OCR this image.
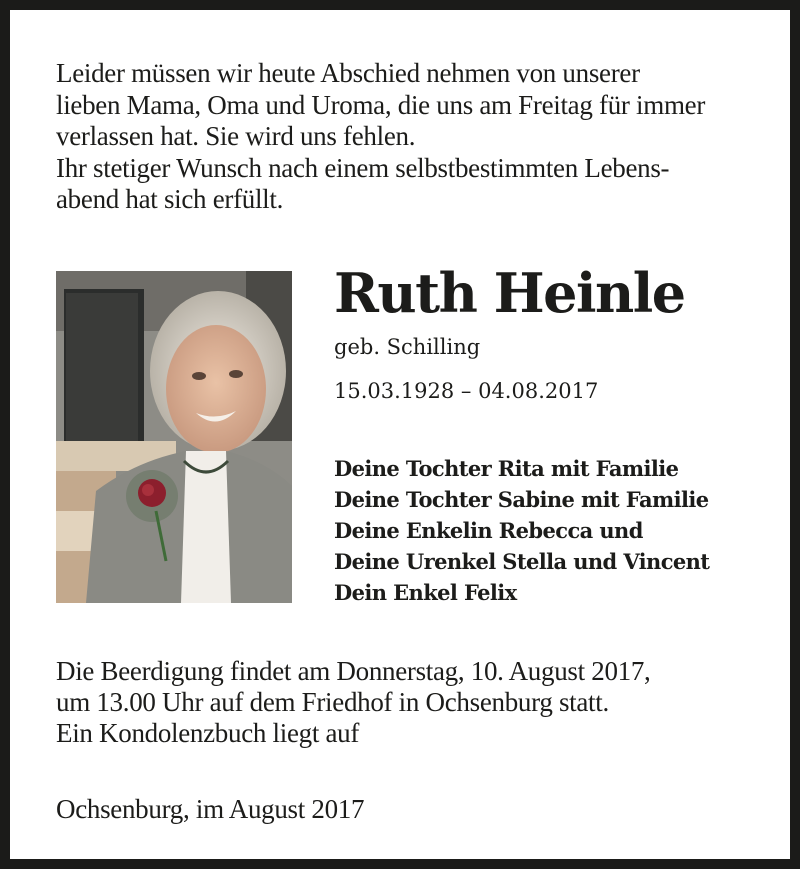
Leider müssen wir heute Abschied nehmen von unserer
lieben Mama, Oma und Uroma, die uns am Freitag für immer
verlassen hat. Sie wird uns fehlen.
Ihr stetiger Wunsch nach einem selbstbestimmten Lebens-
abend hat sich erfüllt.
Ruth Heinle
geb. Schilling
15.03.1928 – 04.08.2017
Deine Tochter Rita mit Familie
Deine Tochter Sabine mit Familie
Deine Enkelin Rebecca und
Deine Urenkel Stella und Vincent
Dein Enkel Felix
Die Beerdigung findet am Donnerstag, 10. August 2017,
um 13.00 Uhr auf dem Friedhof in Ochsenburg statt.
Ein Kondolenzbuch liegt auf
Ochsenburg, im August 2017
